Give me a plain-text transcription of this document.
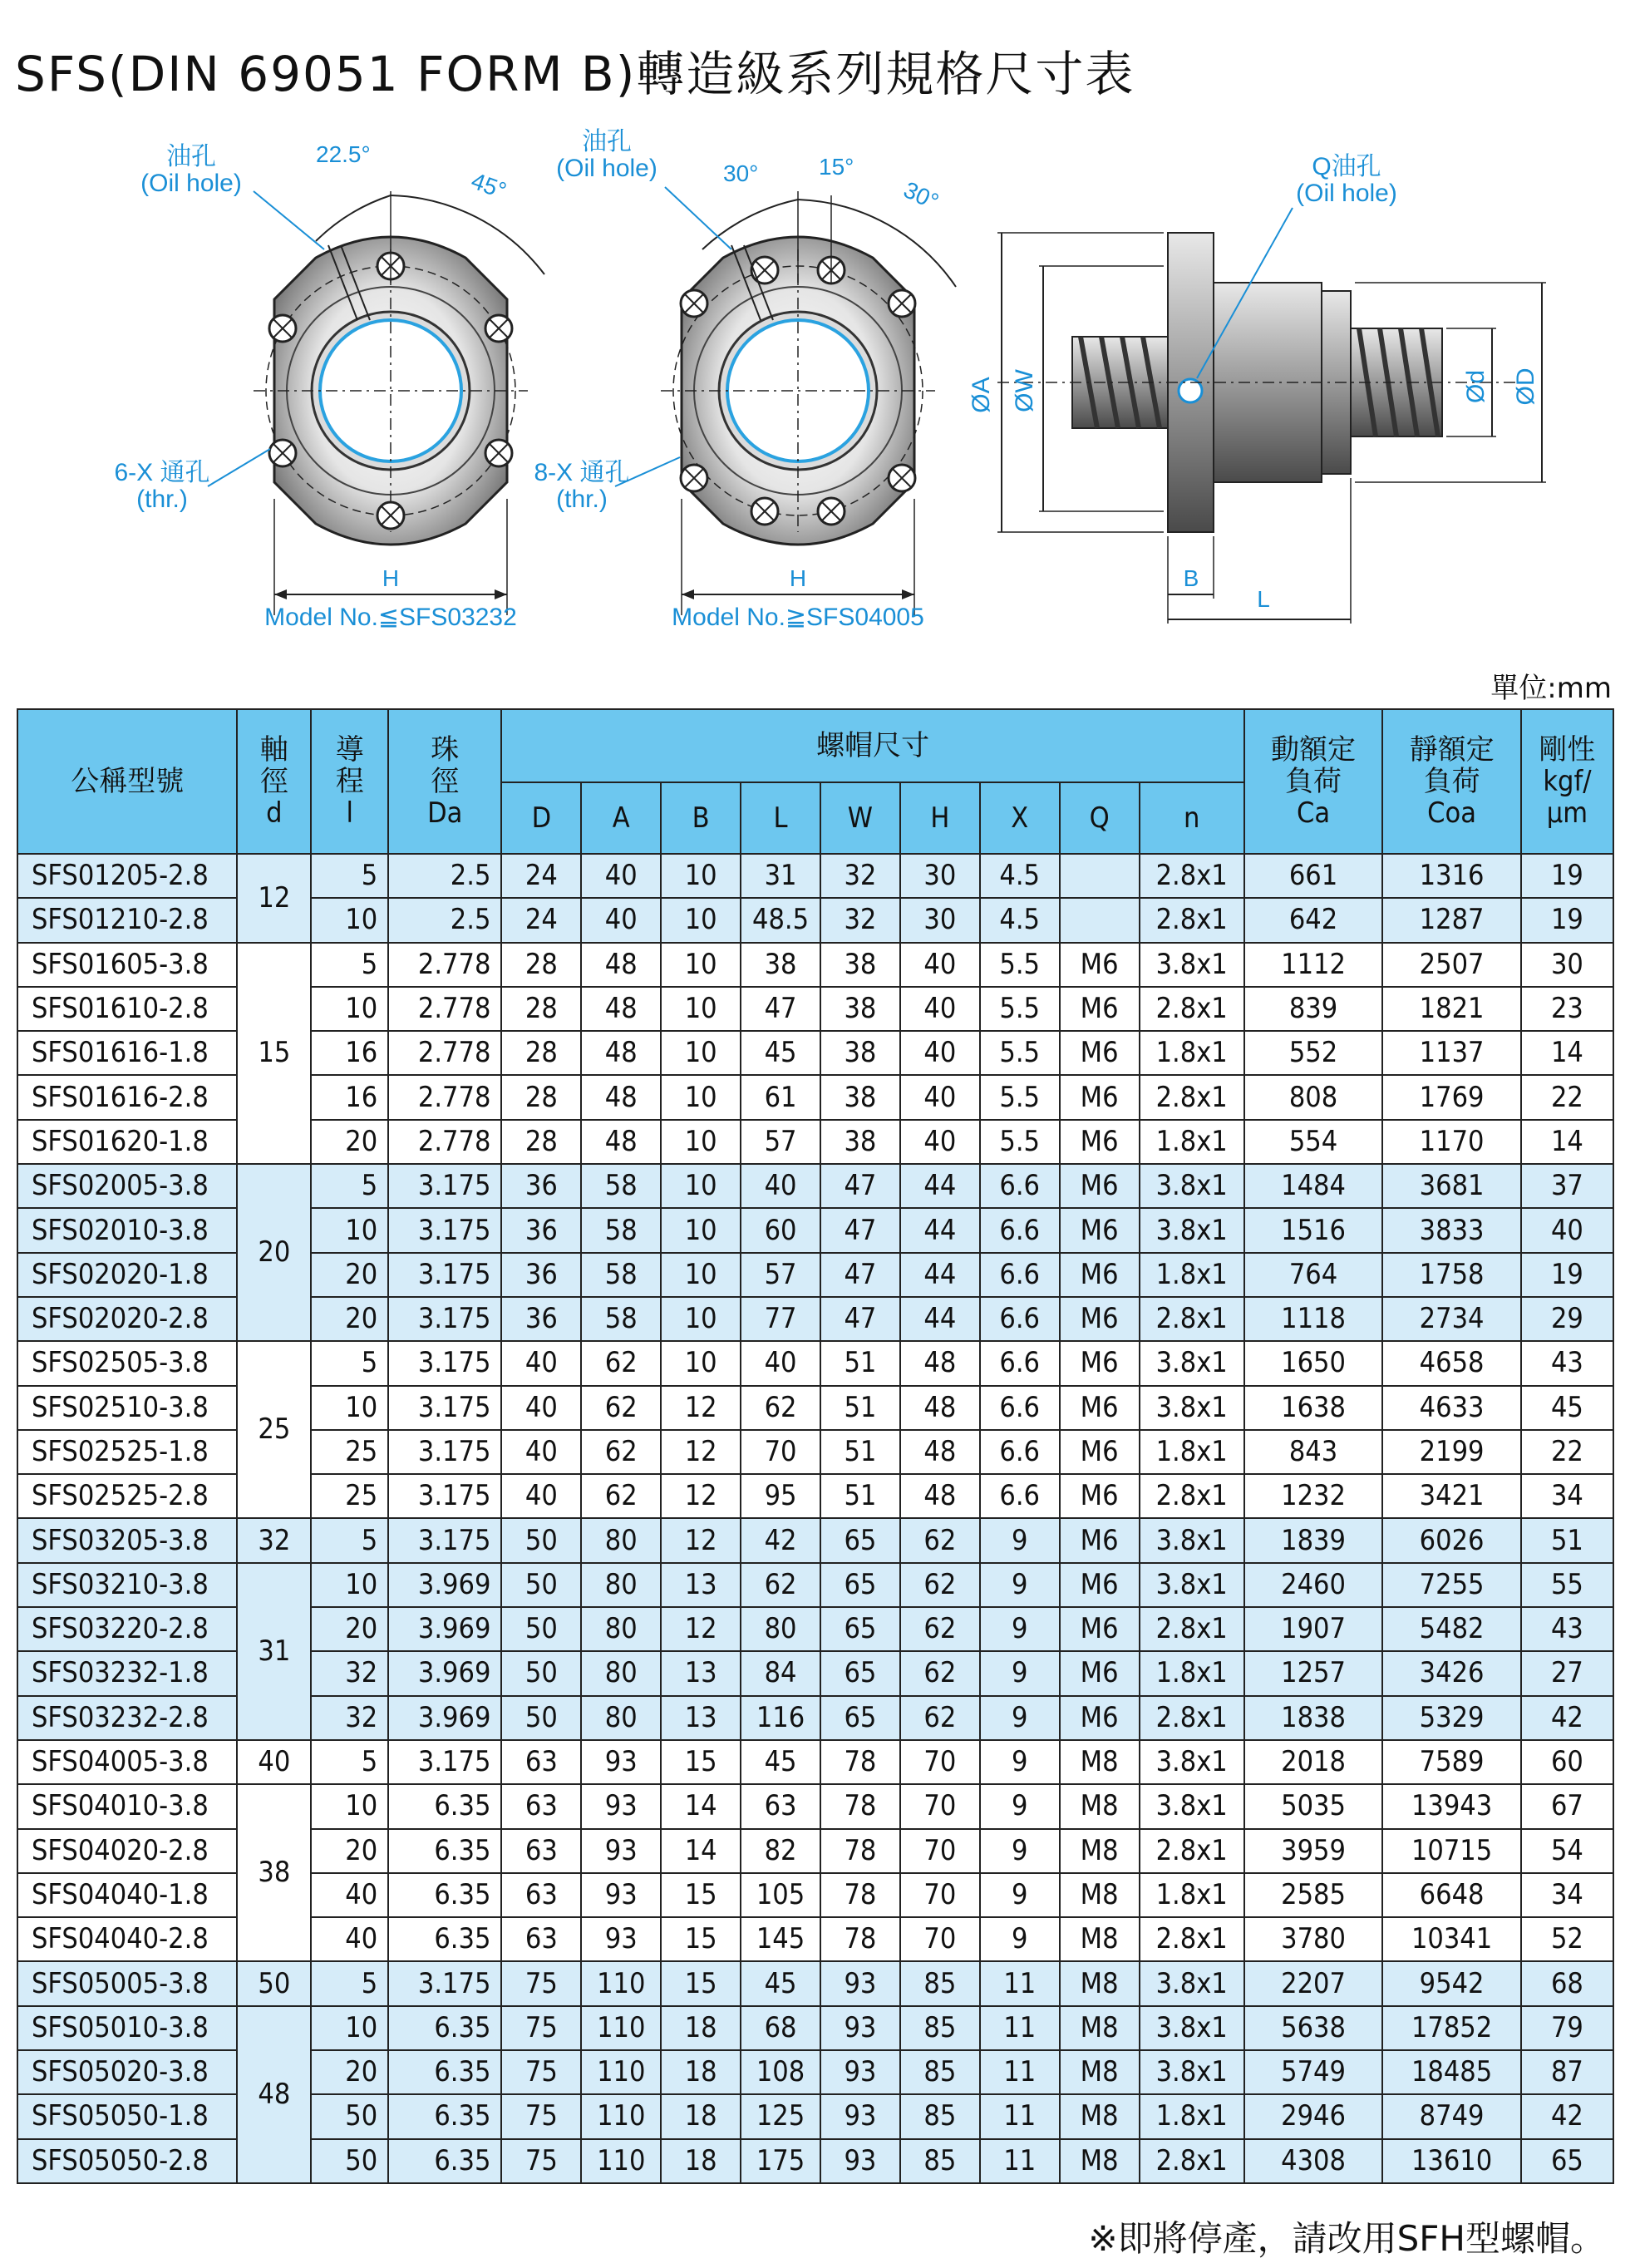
SFS(DIN 69051 FORM B)轉造級系列規格尺寸表
油孔
(Oil hole)
22.5°
45°
6-X 通孔
(thr.)
H
Model No.≦SFS03232
油孔
(Oil hole)	30°	15°
30°
8-X 通孔
(thr.)
H
Model No.≧SFS04005
Q油孔
(Oil hole)
ØA ØW	Ød ØD
B
L
單位:mm
公稱型號	軸
徑
d	導
程
l	珠
徑
Da	螺帽尺寸									動額定
負荷
Ca	靜額定
負荷
Coa	剛性
kgf/
μm
				D	A	B	L	W	H	X	Q	n			
SFS01205-2.8	12	5	2.5	24	40	10	31	32	30	4.5		2.8x1	661	1316	19
SFS01210-2.8		10	2.5	24	40	10	48.5	32	30	4.5		2.8x1	642	1287	19
SFS01605-3.8	15	5	2.778	28	48	10	38	38	40	5.5	M6	3.8x1	1112	2507	30
SFS01610-2.8		10	2.778	28	48	10	47	38	40	5.5	M6	2.8x1	839	1821	23
SFS01616-1.8		16	2.778	28	48	10	45	38	40	5.5	M6	1.8x1	552	1137	14
SFS01616-2.8		16	2.778	28	48	10	61	38	40	5.5	M6	2.8x1	808	1769	22
SFS01620-1.8		20	2.778	28	48	10	57	38	40	5.5	M6	1.8x1	554	1170	14
SFS02005-3.8	20	5	3.175	36	58	10	40	47	44	6.6	M6	3.8x1	1484	3681	37
SFS02010-3.8		10	3.175	36	58	10	60	47	44	6.6	M6	3.8x1	1516	3833	40
SFS02020-1.8		20	3.175	36	58	10	57	47	44	6.6	M6	1.8x1	764	1758	19
SFS02020-2.8		20	3.175	36	58	10	77	47	44	6.6	M6	2.8x1	1118	2734	29
SFS02505-3.8	25	5	3.175	40	62	10	40	51	48	6.6	M6	3.8x1	1650	4658	43
SFS02510-3.8		10	3.175	40	62	12	62	51	48	6.6	M6	3.8x1	1638	4633	45
SFS02525-1.8		25	3.175	40	62	12	70	51	48	6.6	M6	1.8x1	843	2199	22
SFS02525-2.8		25	3.175	40	62	12	95	51	48	6.6	M6	2.8x1	1232	3421	34
SFS03205-3.8	32	5	3.175	50	80	12	42	65	62	9	M6	3.8x1	1839	6026	51
SFS03210-3.8	31	10	3.969	50	80	13	62	65	62	9	M6	3.8x1	2460	7255	55
SFS03220-2.8		20	3.969	50	80	12	80	65	62	9	M6	2.8x1	1907	5482	43
SFS03232-1.8		32	3.969	50	80	13	84	65	62	9	M6	1.8x1	1257	3426	27
SFS03232-2.8		32	3.969	50	80	13	116	65	62	9	M6	2.8x1	1838	5329	42
SFS04005-3.8	40	5	3.175	63	93	15	45	78	70	9	M8	3.8x1	2018	7589	60
SFS04010-3.8	38	10	6.35	63	93	14	63	78	70	9	M8	3.8x1	5035	13943	67
SFS04020-2.8		20	6.35	63	93	14	82	78	70	9	M8	2.8x1	3959	10715	54
SFS04040-1.8		40	6.35	63	93	15	105	78	70	9	M8	1.8x1	2585	6648	34
SFS04040-2.8		40	6.35	63	93	15	145	78	70	9	M8	2.8x1	3780	10341	52
SFS05005-3.8	50	5	3.175	75	110	15	45	93	85	11	M8	3.8x1	2207	9542	68
SFS05010-3.8	48	10	6.35	75	110	18	68	93	85	11	M8	3.8x1	5638	17852	79
SFS05020-3.8		20	6.35	75	110	18	108	93	85	11	M8	3.8x1	5749	18485	87
SFS05050-1.8		50	6.35	75	110	18	125	93	85	11	M8	1.8x1	2946	8749	42
SFS05050-2.8		50	6.35	75	110	18	175	93	85	11	M8	2.8x1	4308	13610	65
※即將停產，請改用SFH型螺帽。
